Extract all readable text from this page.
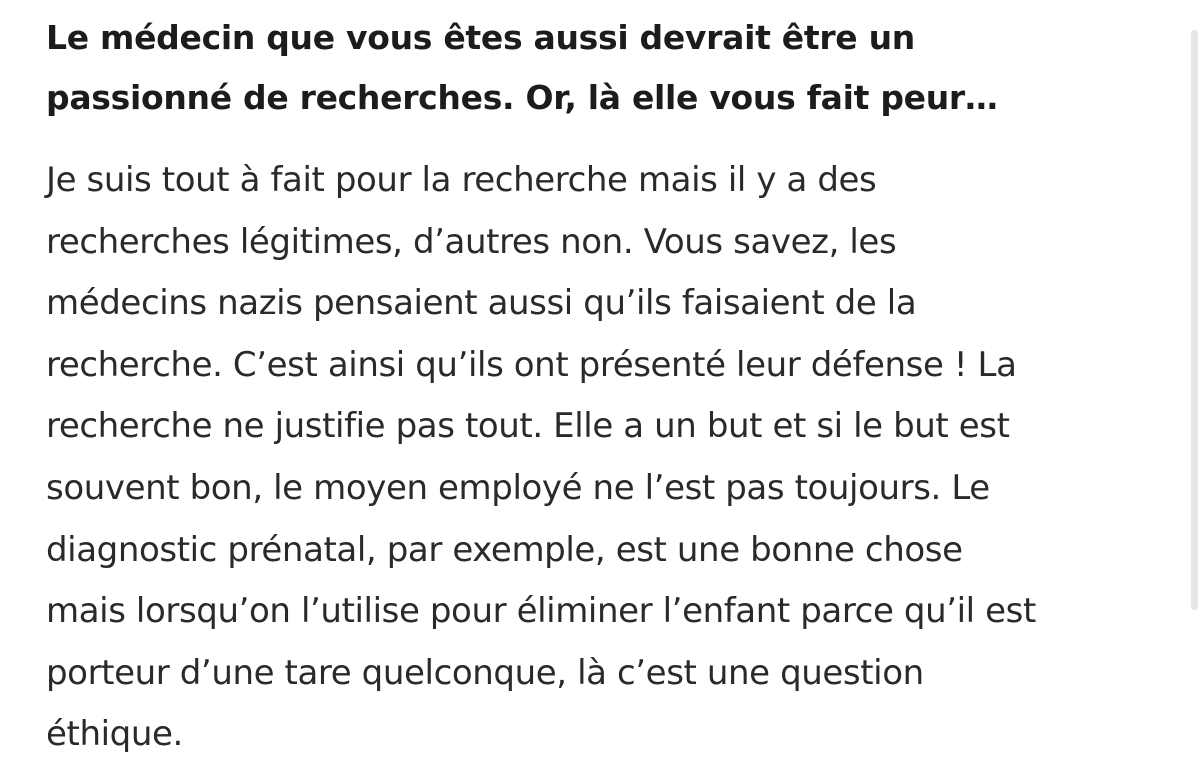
Le médecin que vous êtes aussi devrait être un
passionné de recherches. Or, là elle vous fait peur…

Je suis tout à fait pour la recherche mais il y a des
recherches légitimes, d’autres non. Vous savez, les
médecins nazis pensaient aussi qu’ils faisaient de la
recherche. C’est ainsi qu’ils ont présenté leur défense ! La
recherche ne justifie pas tout. Elle a un but et si le but est
souvent bon, le moyen employé ne l’est pas toujours. Le
diagnostic prénatal, par exemple, est une bonne chose
mais lorsqu’on l’utilise pour éliminer l’enfant parce qu’il est
porteur d’une tare quelconque, là c’est une question
éthique.
